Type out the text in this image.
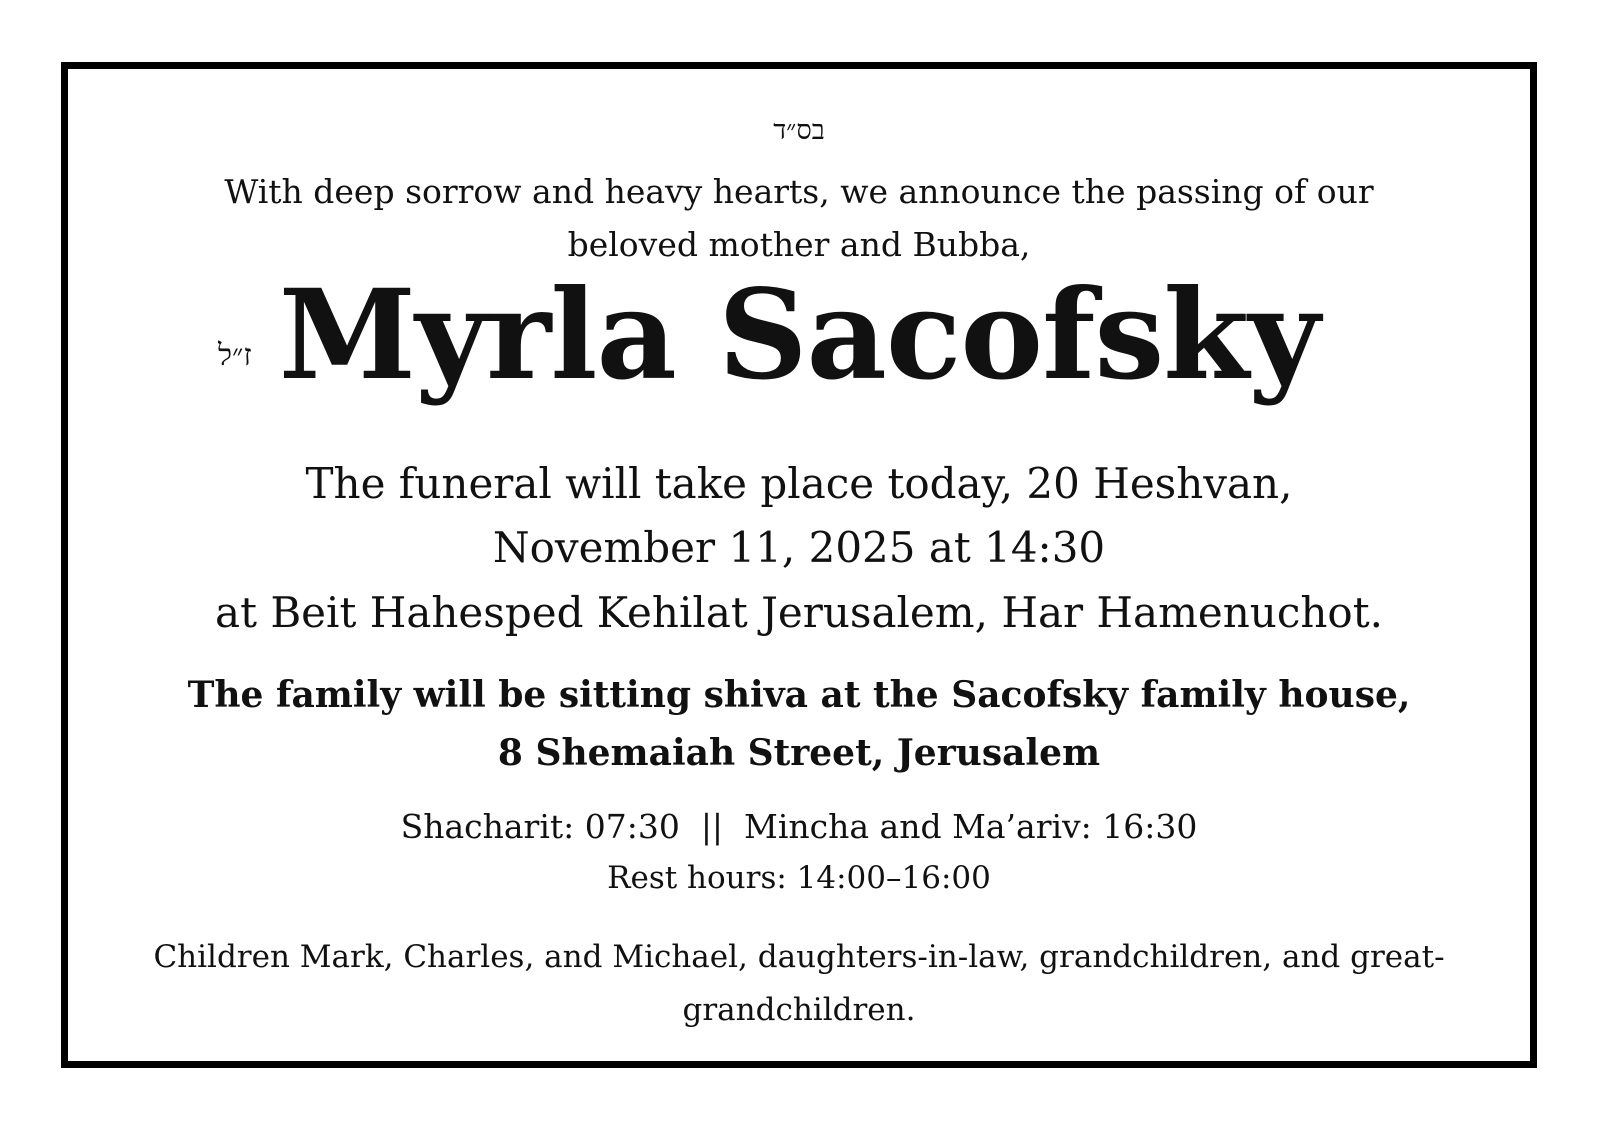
בס״ד
With deep sorrow and heavy hearts, we announce the passing of our beloved mother and Bubba,
ז״ל Myrla Sacofsky
The funeral will take place today, 20 Heshvan,
November 11, 2025 at 14:30
at Beit Hahesped Kehilat Jerusalem, Har Hamenuchot.
The family will be sitting shiva at the Sacofsky family house,
8 Shemaiah Street, Jerusalem
Shacharit: 07:30  ||  Mincha and Ma’ariv: 16:30
Rest hours: 14:00–16:00
Children Mark, Charles, and Michael, daughters-in-law, grandchildren, and great-grandchildren.
